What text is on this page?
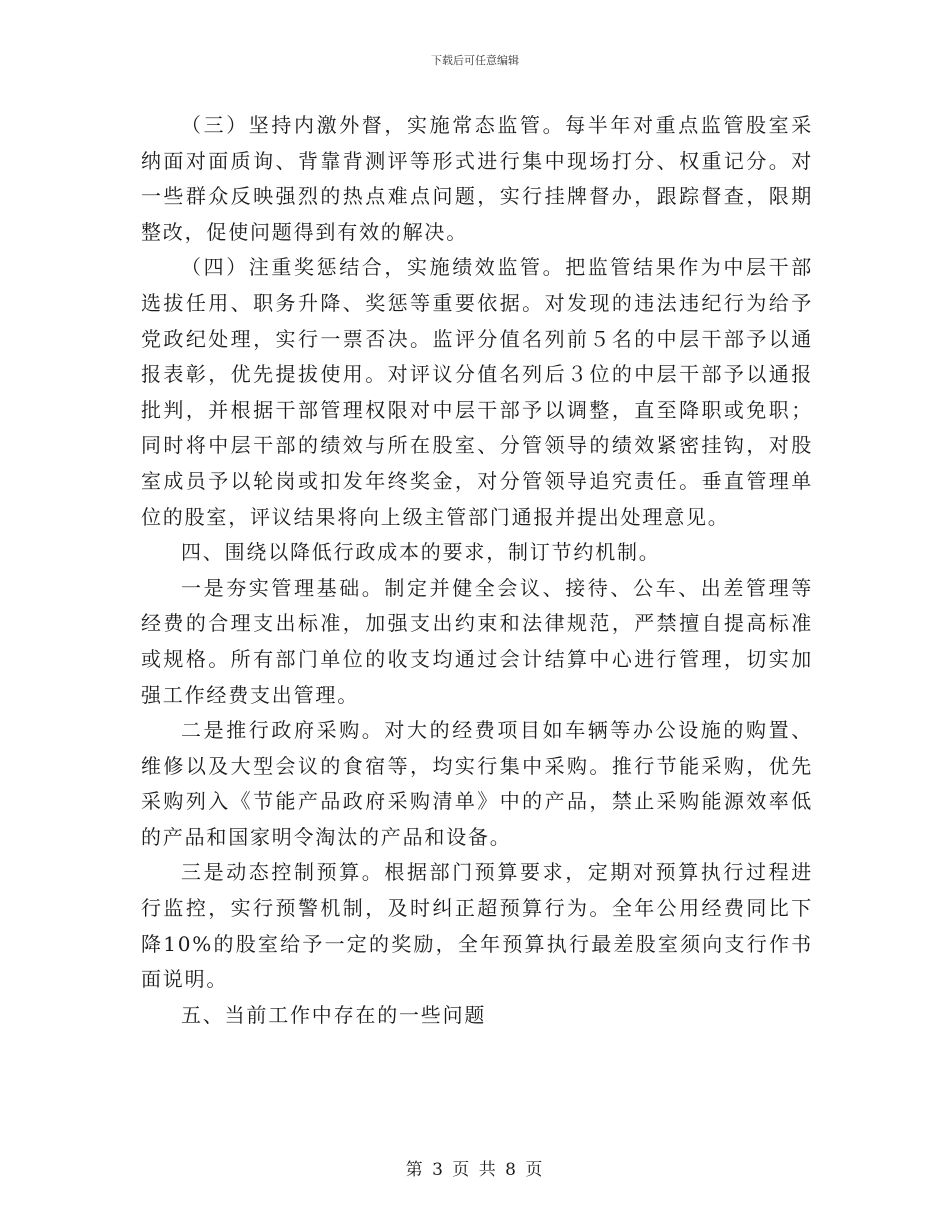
下载后可任意编辑

（三）坚持内激外督，实施常态监管。每半年对重点监管股室采纳面对面质询、背靠背测评等形式进行集中现场打分、权重记分。对一些群众反映强烈的热点难点问题，实行挂牌督办，跟踪督查，限期整改，促使问题得到有效的解决。

（四）注重奖惩结合，实施绩效监管。把监管结果作为中层干部选拔任用、职务升降、奖惩等重要依据。对发现的违法违纪行为给予党政纪处理，实行一票否决。监评分值名列前５名的中层干部予以通报表彰，优先提拔使用。对评议分值名列后３位的中层干部予以通报批判，并根据干部管理权限对中层干部予以调整，直至降职或免职；同时将中层干部的绩效与所在股室、分管领导的绩效紧密挂钩，对股室成员予以轮岗或扣发年终奖金，对分管领导追究责任。垂直管理单位的股室，评议结果将向上级主管部门通报并提出处理意见。

四、围绕以降低行政成本的要求，制订节约机制。

一是夯实管理基础。制定并健全会议、接待、公车、出差管理等经费的合理支出标准，加强支出约束和法律规范，严禁擅自提高标准或规格。所有部门单位的收支均通过会计结算中心进行管理，切实加强工作经费支出管理。

二是推行政府采购。对大的经费项目如车辆等办公设施的购置、维修以及大型会议的食宿等，均实行集中采购。推行节能采购，优先采购列入《节能产品政府采购清单》中的产品，禁止采购能源效率低的产品和国家明令淘汰的产品和设备。

三是动态控制预算。根据部门预算要求，定期对预算执行过程进行监控，实行预警机制，及时纠正超预算行为。全年公用经费同比下降10%的股室给予一定的奖励，全年预算执行最差股室须向支行作书面说明。

五、当前工作中存在的一些问题

第 3 页 共 8 页
